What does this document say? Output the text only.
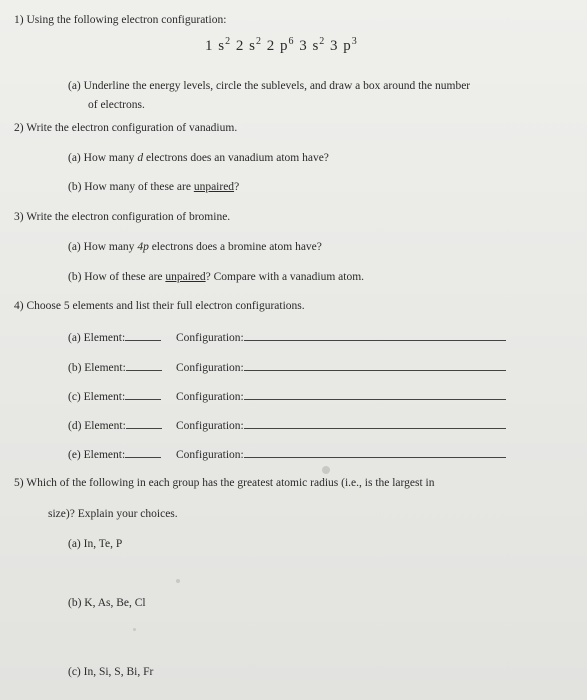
1) Using the following electron configuration:
1 $s^2$ 2 $s^2$ 2 $p^6$ 3 $s^2$ 3 $p^3$
(a) Underline the energy levels, circle the sublevels, and draw a box around the number
of electrons.
2) Write the electron configuration of vanadium.
(a) How many d electrons does an vanadium atom have?
(b) How many of these are unpaired?
3) Write the electron configuration of bromine.
(a) How many 4p electrons does a bromine atom have?
(b) How of these are unpaired? Compare with a vanadium atom.
4) Choose 5 elements and list their full electron configurations.
(a) Element:	Configuration:
(b) Element:	Configuration:
(c) Element:	Configuration:
(d) Element:	Configuration:
(e) Element:	Configuration:
5) Which of the following in each group has the greatest atomic radius (i.e., is the largest in
size)? Explain your choices.
(a) In, Te, P
(b) K, As, Be, Cl
(c) In, Si, S, Bi, Fr
